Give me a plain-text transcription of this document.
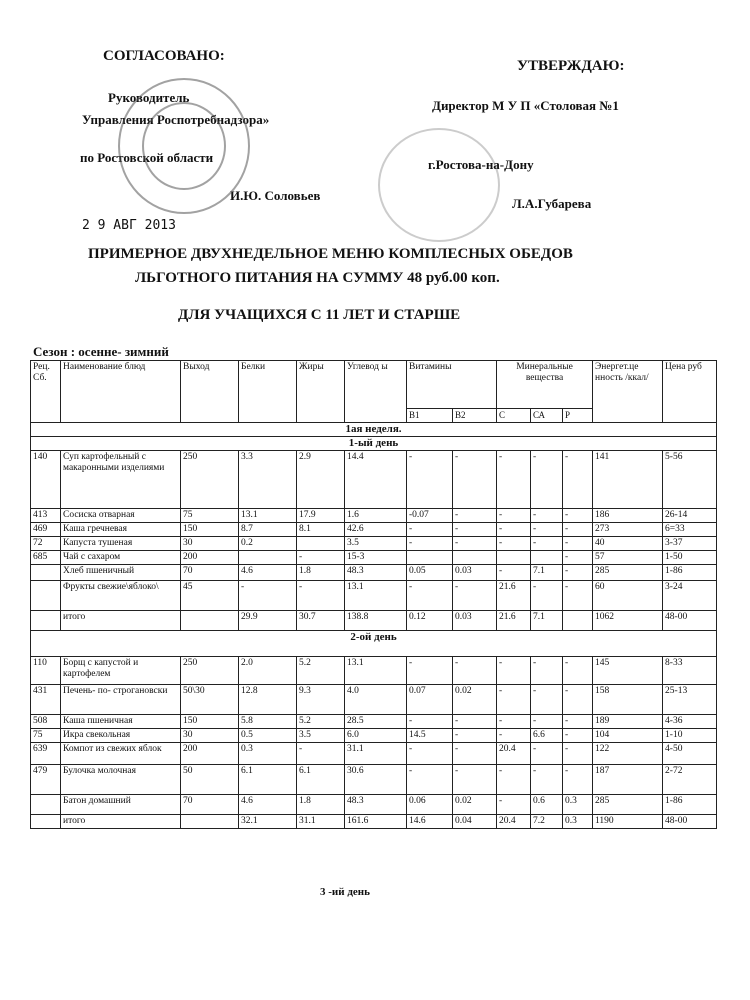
СОГЛАСОВАНО:
Руководитель
Управления Роспотребнадзора»
по Ростовской области
И.Ю. Соловьев
2 9 АВГ 2013
УТВЕРЖДАЮ:
Директор М У П «Столовая №1
г.Ростова-на-Дону
Л.А.Губарева
ПРИМЕРНОЕ ДВУХНЕДЕЛЬНОЕ МЕНЮ КОМПЛЕСНЫХ ОБЕДОВ
ЛЬГОТНОГО ПИТАНИЯ НА СУММУ 48 руб.00 коп.
ДЛЯ УЧАЩИХСЯ С 11 ЛЕТ И СТАРШЕ
Сезон : осенне- зимний
Рец. Сб.	Наименование блюд	Выход	Белки	Жиры	Углевод ы	Витамины		Минеральные вещества			Энергет.це нность /ккал/	Цена руб
						В1	В2	С	СА	Р		
1ая неделя.												
1-ый день												
140	Суп картофельный с макаронными изделиями	250	3.3	2.9	14.4	-	-	-	-	-	141	5-56
413	Сосиска отварная	75	13.1	17.9	1.6	-0.07	-	-	-	-	186	26-14
469	Каша гречневая	150	8.7	8.1	42.6	-	-	-	-	-	273	6=33
72	Капуста тушеная	30	0.2		3.5	-	-	-	-	-	40	3-37
685	Чай с сахаром	200		-	15-3					-	57	1-50
	Хлеб пшеничный	70	4.6	1.8	48.3	0.05	0.03	-	7.1	-	285	1-86
	Фрукты свежие\яблоко\	45	-	-	13.1	-	-	21.6	-	-	60	3-24
	итого		29.9	30.7	138.8	0.12	0.03	21.6	7.1		1062	48-00
2-ой день												
110	Борщ с капустой и картофелем	250	2.0	5.2	13.1	-	-	-	-	-	145	8-33
431	Печень- по- строгановски	50\30	12.8	9.3	4.0	0.07	0.02	-	-	-	158	25-13
508	Каша пшеничная	150	5.8	5.2	28.5	-	-	-	-	-	189	4-36
75	Икра свекольная	30	0.5	3.5	6.0	14.5	-	-	6.6	-	104	1-10
639	Компот из свежих яблок	200	0.3	-	31.1	-	-	20.4	-	-	122	4-50
479	Булочка молочная	50	6.1	6.1	30.6	-	-	-	-	-	187	2-72
	Батон домашний	70	4.6	1.8	48.3	0.06	0.02	-	0.6	0.3	285	1-86
	итого		32.1	31.1	161.6	14.6	0.04	20.4	7.2	0.3	1190	48-00
3 -ий день
